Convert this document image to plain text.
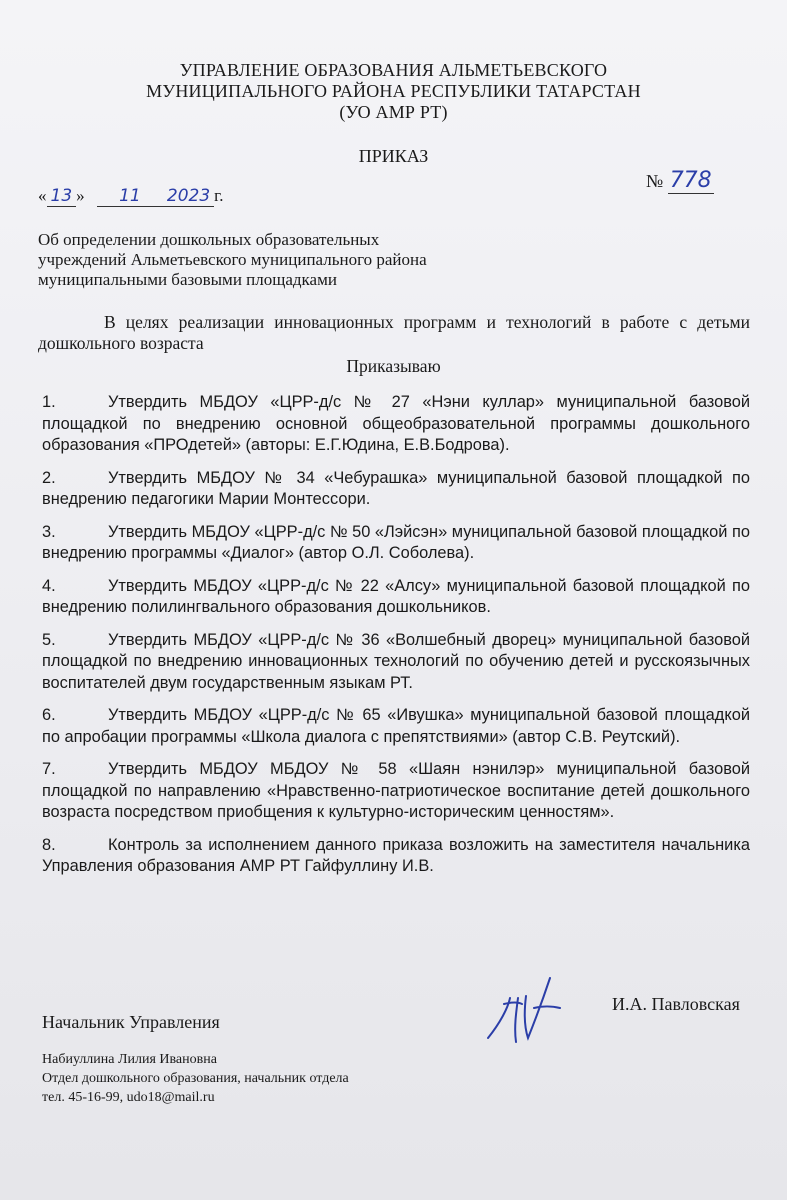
УПРАВЛЕНИЕ ОБРАЗОВАНИЯ АЛЬМЕТЬЕВСКОГО
МУНИЦИПАЛЬНОГО РАЙОНА РЕСПУБЛИКИ ТАТАРСТАН
(УО АМР РТ)
ПРИКАЗ
« 13 » 11 2023 г.
№ 778
Об определении дошкольных образовательных
учреждений Альметьевского муниципального района
муниципальными базовыми площадками
В целях реализации инновационных программ и технологий в работе с детьми дошкольного возраста
Приказываю
1.	Утвердить МБДОУ «ЦРР-д/с № 27 «Нэни куллар» муниципальной базовой площадкой по внедрению основной общеобразовательной программы дошкольного образования «ПРОдетей» (авторы: Е.Г.Юдина, Е.В.Бодрова).
2.	Утвердить МБДОУ № 34 «Чебурашка» муниципальной базовой площадкой по внедрению педагогики Марии Монтессори.
3.	Утвердить МБДОУ «ЦРР-д/с № 50 «Лэйсэн» муниципальной базовой площадкой по внедрению программы «Диалог» (автор О.Л. Соболева).
4.	Утвердить МБДОУ «ЦРР-д/с № 22 «Алсу» муниципальной базовой площадкой по внедрению полилингвального образования дошкольников.
5.	Утвердить МБДОУ «ЦРР-д/с № 36 «Волшебный дворец» муниципальной базовой площадкой по внедрению инновационных технологий по обучению детей и русскоязычных воспитателей двум государственным языкам РТ.
6.	Утвердить МБДОУ «ЦРР-д/с № 65 «Ивушка» муниципальной базовой площадкой по апробации программы «Школа диалога с препятствиями» (автор С.В. Реутский).
7.	Утвердить МБДОУ МБДОУ № 58 «Шаян нэнилэр» муниципальной базовой площадкой по направлению «Нравственно-патриотическое воспитание детей дошкольного возраста посредством приобщения к культурно-историческим ценностям».
8.	Контроль за исполнением данного приказа возложить на заместителя начальника Управления образования АМР РТ Гайфуллину И.В.
Начальник Управления
И.А. Павловская
Набиуллина Лилия Ивановна
Отдел дошкольного образования, начальник отдела
тел. 45-16-99, udo18@mail.ru
